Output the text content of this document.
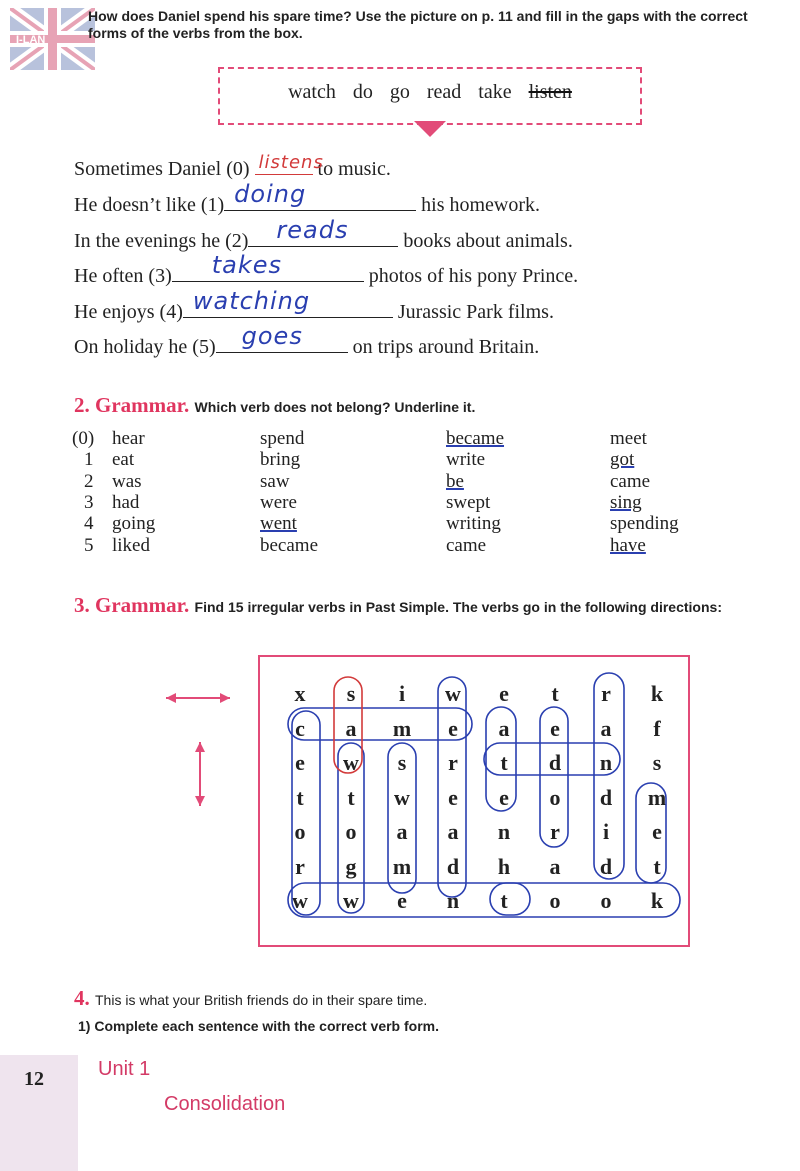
I-LAN
How does Daniel spend his spare time? Use the picture on p. 11 and fill in the gaps with the correct forms of the verbs from the box.
watch do go read take listen
Sometimes Daniel (0) listens
to music.
He doesn’t like (1) doing	his homework.
In the evenings he (2) reads books about animals.
He often (3) takes	photos of his pony Prince.
He enjoys (4) watching	Jurassic Park films.
On holiday he (5) goes on trips around Britain.
2. Grammar. Which verb does not belong? Underline it.
(0) hear	spend	became	meet
1 eat	bring	write	got
2 was	saw	be	came
3 had	were	swept	sing
4 going	went	writing	spending
5 liked	became	came	have
3. Grammar. Find 15 irregular verbs in Past Simple. The verbs go in the following directions:
x	s	i	w	e	t	r	k
c	a	m	e	a	e	a	f
e	w	s	r	t	d	n	s
t	t	w	e	e	o	d	m
o	o	a	a	n	r	i	e
r	g	m	d	h	a	d	t
w	w	e	n	t	o	o	k
4. This is what your British friends do in their spare time.
1) Complete each sentence with the correct verb form.
12	Unit 1
Consolidation
